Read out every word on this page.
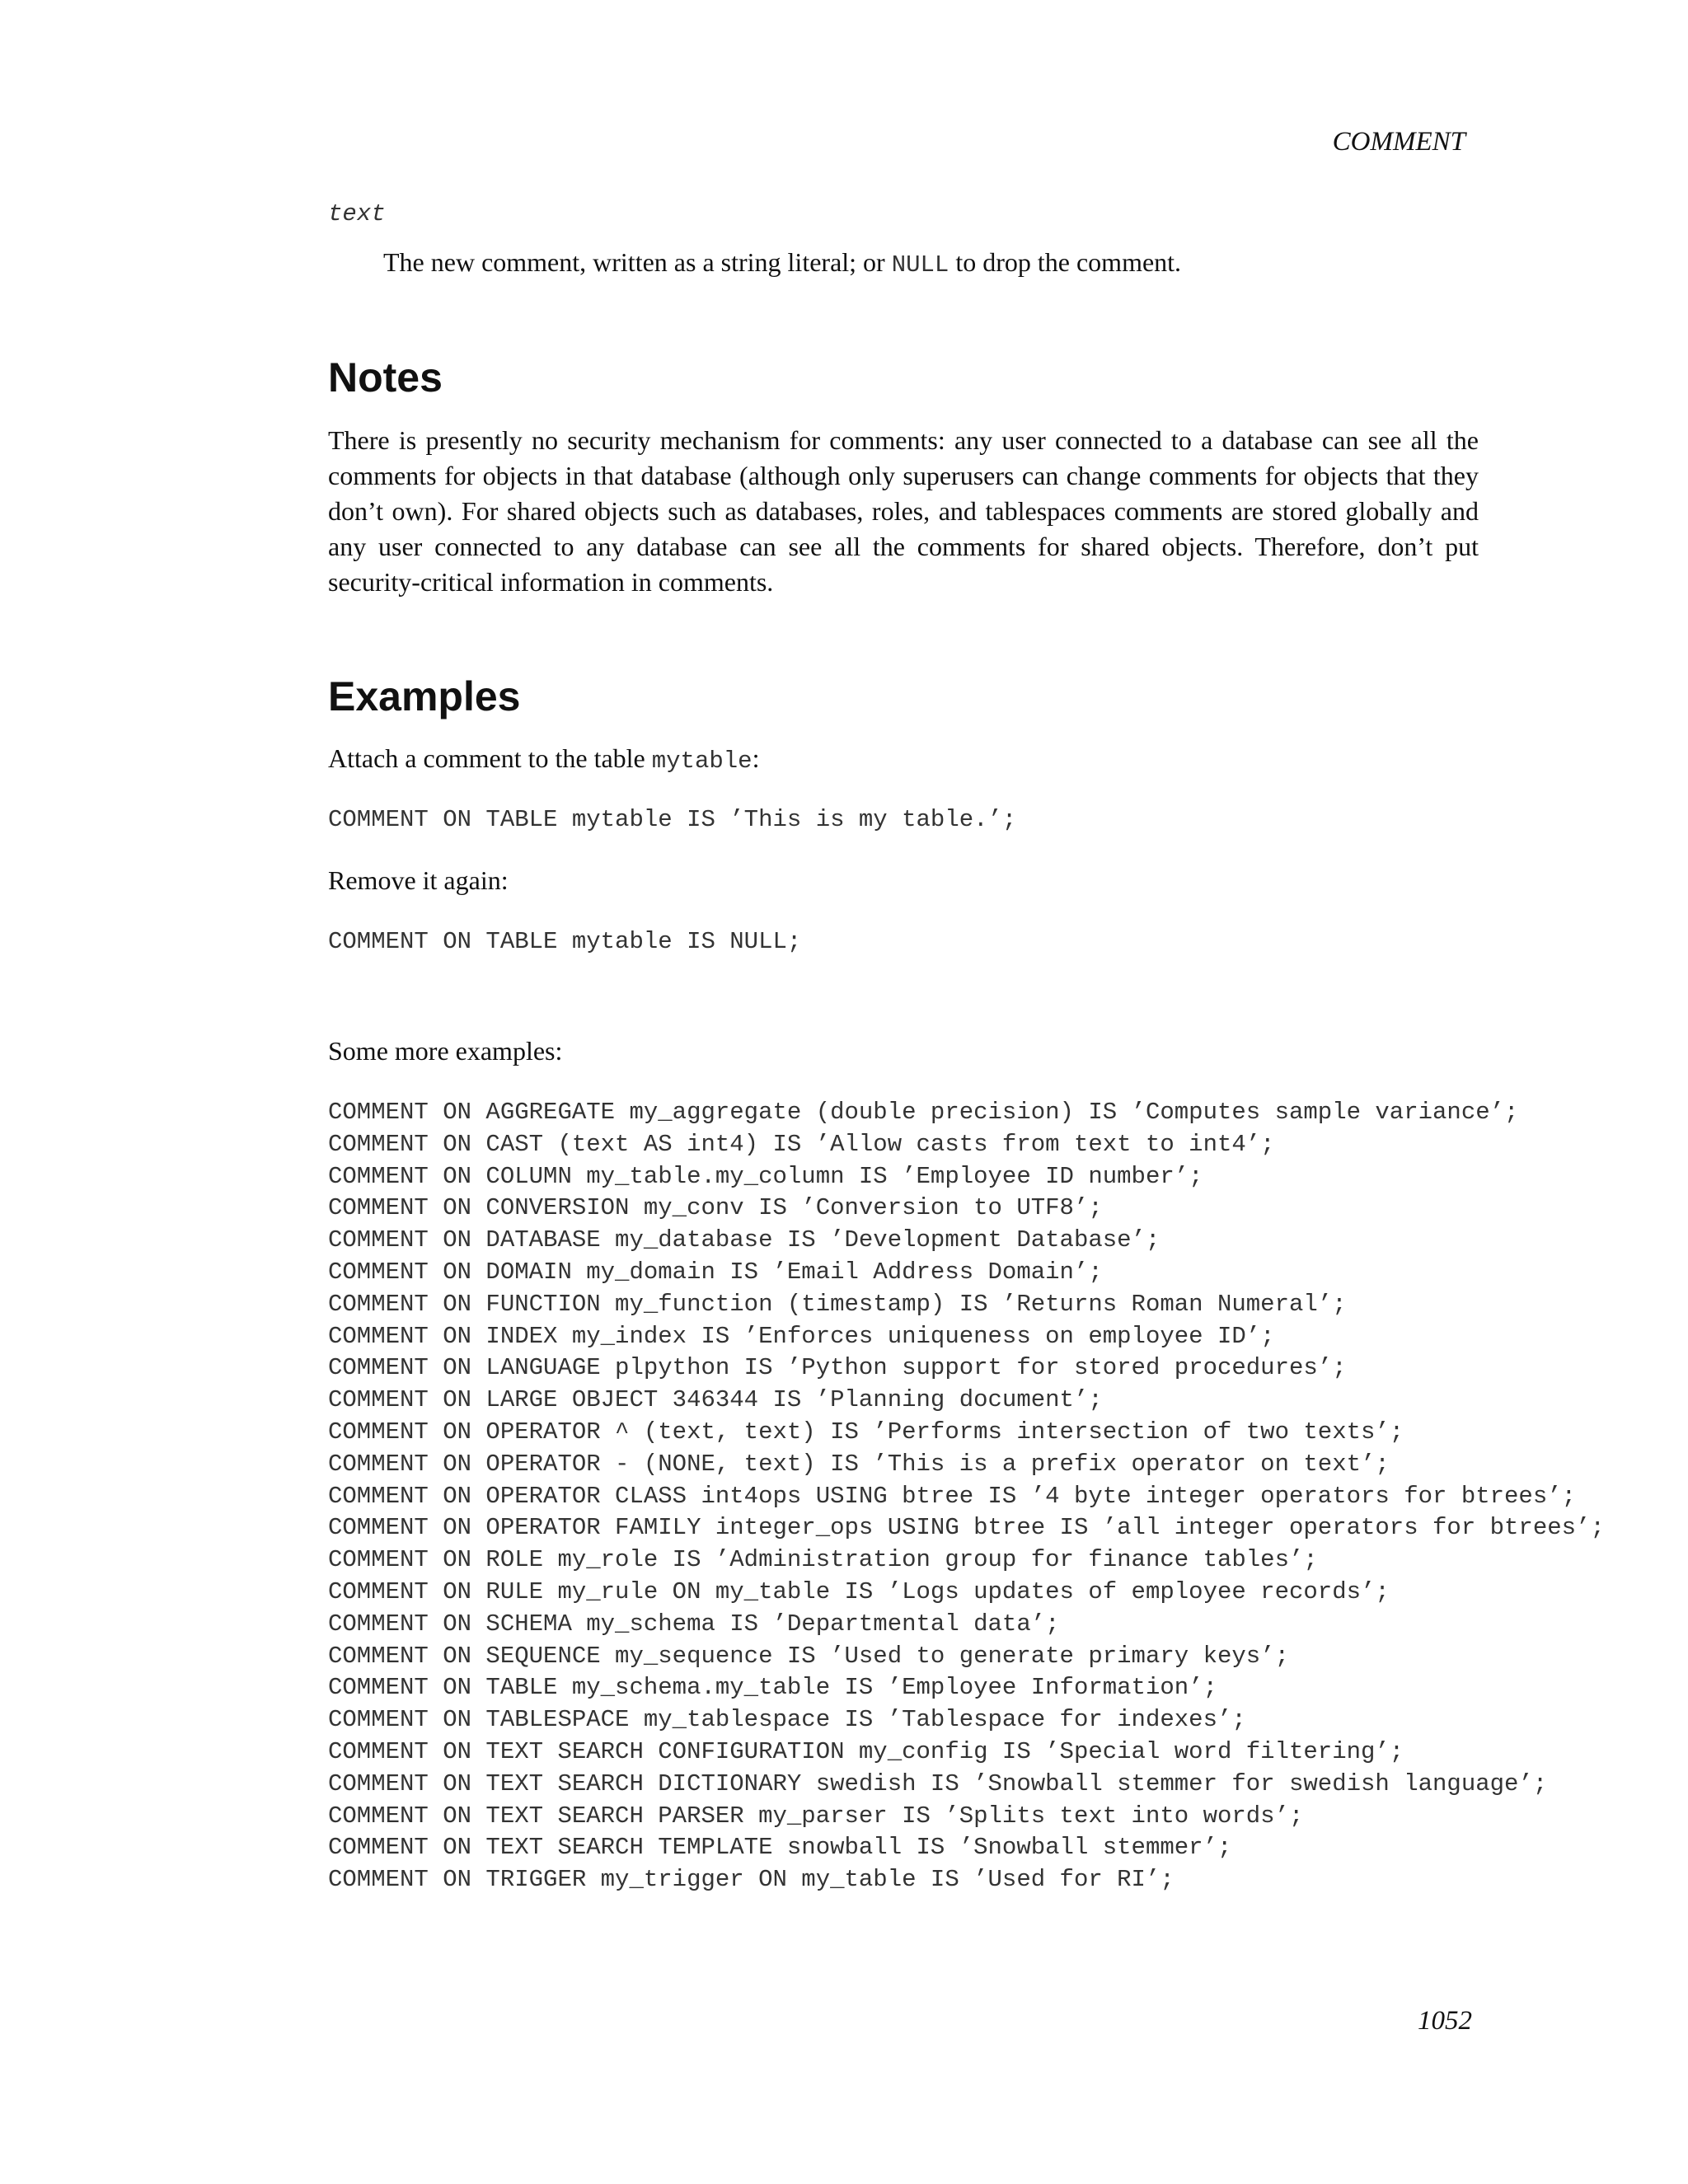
COMMENT
text
The new comment, written as a string literal; or NULL to drop the comment.
Notes
There is presently no security mechanism for comments: any user connected to a database can see all the comments for objects in that database (although only superusers can change comments for objects that they don’t own). For shared objects such as databases, roles, and tablespaces comments are stored globally and any user connected to any database can see all the comments for shared objects. Therefore, don’t put security-critical information in comments.
Examples
Attach a comment to the table mytable:
COMMENT ON TABLE mytable IS ’This is my table.’;
Remove it again:
COMMENT ON TABLE mytable IS NULL;
Some more examples:
COMMENT ON AGGREGATE my_aggregate (double precision) IS ’Computes sample variance’;
COMMENT ON CAST (text AS int4) IS ’Allow casts from text to int4’;
COMMENT ON COLUMN my_table.my_column IS ’Employee ID number’;
COMMENT ON CONVERSION my_conv IS ’Conversion to UTF8’;
COMMENT ON DATABASE my_database IS ’Development Database’;
COMMENT ON DOMAIN my_domain IS ’Email Address Domain’;
COMMENT ON FUNCTION my_function (timestamp) IS ’Returns Roman Numeral’;
COMMENT ON INDEX my_index IS ’Enforces uniqueness on employee ID’;
COMMENT ON LANGUAGE plpython IS ’Python support for stored procedures’;
COMMENT ON LARGE OBJECT 346344 IS ’Planning document’;
COMMENT ON OPERATOR ^ (text, text) IS ’Performs intersection of two texts’;
COMMENT ON OPERATOR - (NONE, text) IS ’This is a prefix operator on text’;
COMMENT ON OPERATOR CLASS int4ops USING btree IS ’4 byte integer operators for btrees’;
COMMENT ON OPERATOR FAMILY integer_ops USING btree IS ’all integer operators for btrees’;
COMMENT ON ROLE my_role IS ’Administration group for finance tables’;
COMMENT ON RULE my_rule ON my_table IS ’Logs updates of employee records’;
COMMENT ON SCHEMA my_schema IS ’Departmental data’;
COMMENT ON SEQUENCE my_sequence IS ’Used to generate primary keys’;
COMMENT ON TABLE my_schema.my_table IS ’Employee Information’;
COMMENT ON TABLESPACE my_tablespace IS ’Tablespace for indexes’;
COMMENT ON TEXT SEARCH CONFIGURATION my_config IS ’Special word filtering’;
COMMENT ON TEXT SEARCH DICTIONARY swedish IS ’Snowball stemmer for swedish language’;
COMMENT ON TEXT SEARCH PARSER my_parser IS ’Splits text into words’;
COMMENT ON TEXT SEARCH TEMPLATE snowball IS ’Snowball stemmer’;
COMMENT ON TRIGGER my_trigger ON my_table IS ’Used for RI’;
1052
